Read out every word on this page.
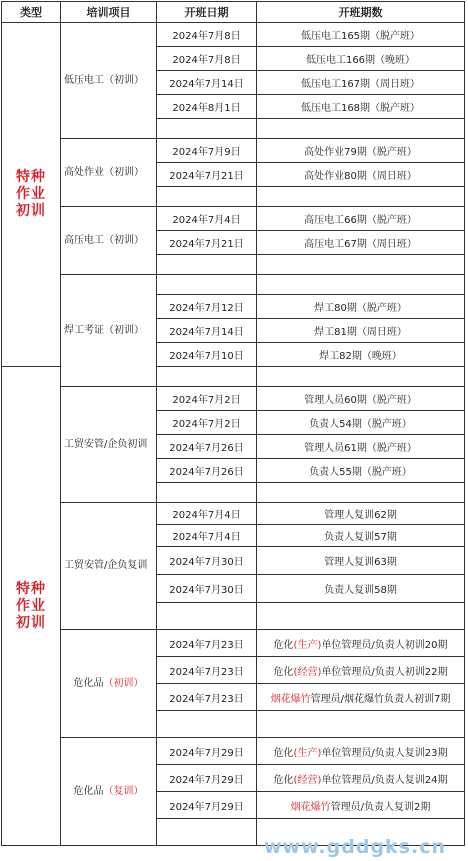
类型	培训项目	开班日期	开班期数
特种作业初训	低压电工（初训）	2024年7月8日	低压电工165期（脱产班）
		2024年7月8日	低压电工166期（晚班）
		2024年7月14日	低压电工167期（周日班）
		2024年8月1日	低压电工168期（脱产班）

	高处作业（初训）	2024年7月9日	高处作业79期（脱产班）
		2024年7月21日	高处作业80期（周日班）

	高压电工（初训）	2024年7月4日	高压电工66期（脱产班）
		2024年7月21日	高压电工67期（周日班）

	焊工考证（初训）		
		2024年7月12日	焊工80期（脱产班）
		2024年7月14日	焊工81期（周日班）
		2024年7月10日	焊工82期（晚班）
特种作业初训			
	工贸安管/企负初训	2024年7月2日	管理人员60期（脱产班）
		2024年7月2日	负责人54期（脱产班）
		2024年7月26日	管理人员61期（脱产班）
		2024年7月26日	负责人55期（脱产班）

	工贸安管/企负复训	2024年7月4日	管理人复训62期
		2024年7月4日	负责人复训57期
		2024年7月30日	管理人复训63期
		2024年7月30日	负责人复训58期

	危化品（初训）	2024年7月23日	危化(生产)单位管理员/负责人初训20期
		2024年7月23日	危化(经营)单位管理员/负责人初训22期
		2024年7月23日	烟花爆竹管理员/烟花爆竹负责人初训7期

	危化品（复训）	2024年7月29日	危化(生产)单位管理员/负责人复训23期
		2024年7月29日	危化(经营)单位管理员/负责人复训24期
		2024年7月29日	烟花爆竹管理员/负责人复训2期

www.gddgks.cn
